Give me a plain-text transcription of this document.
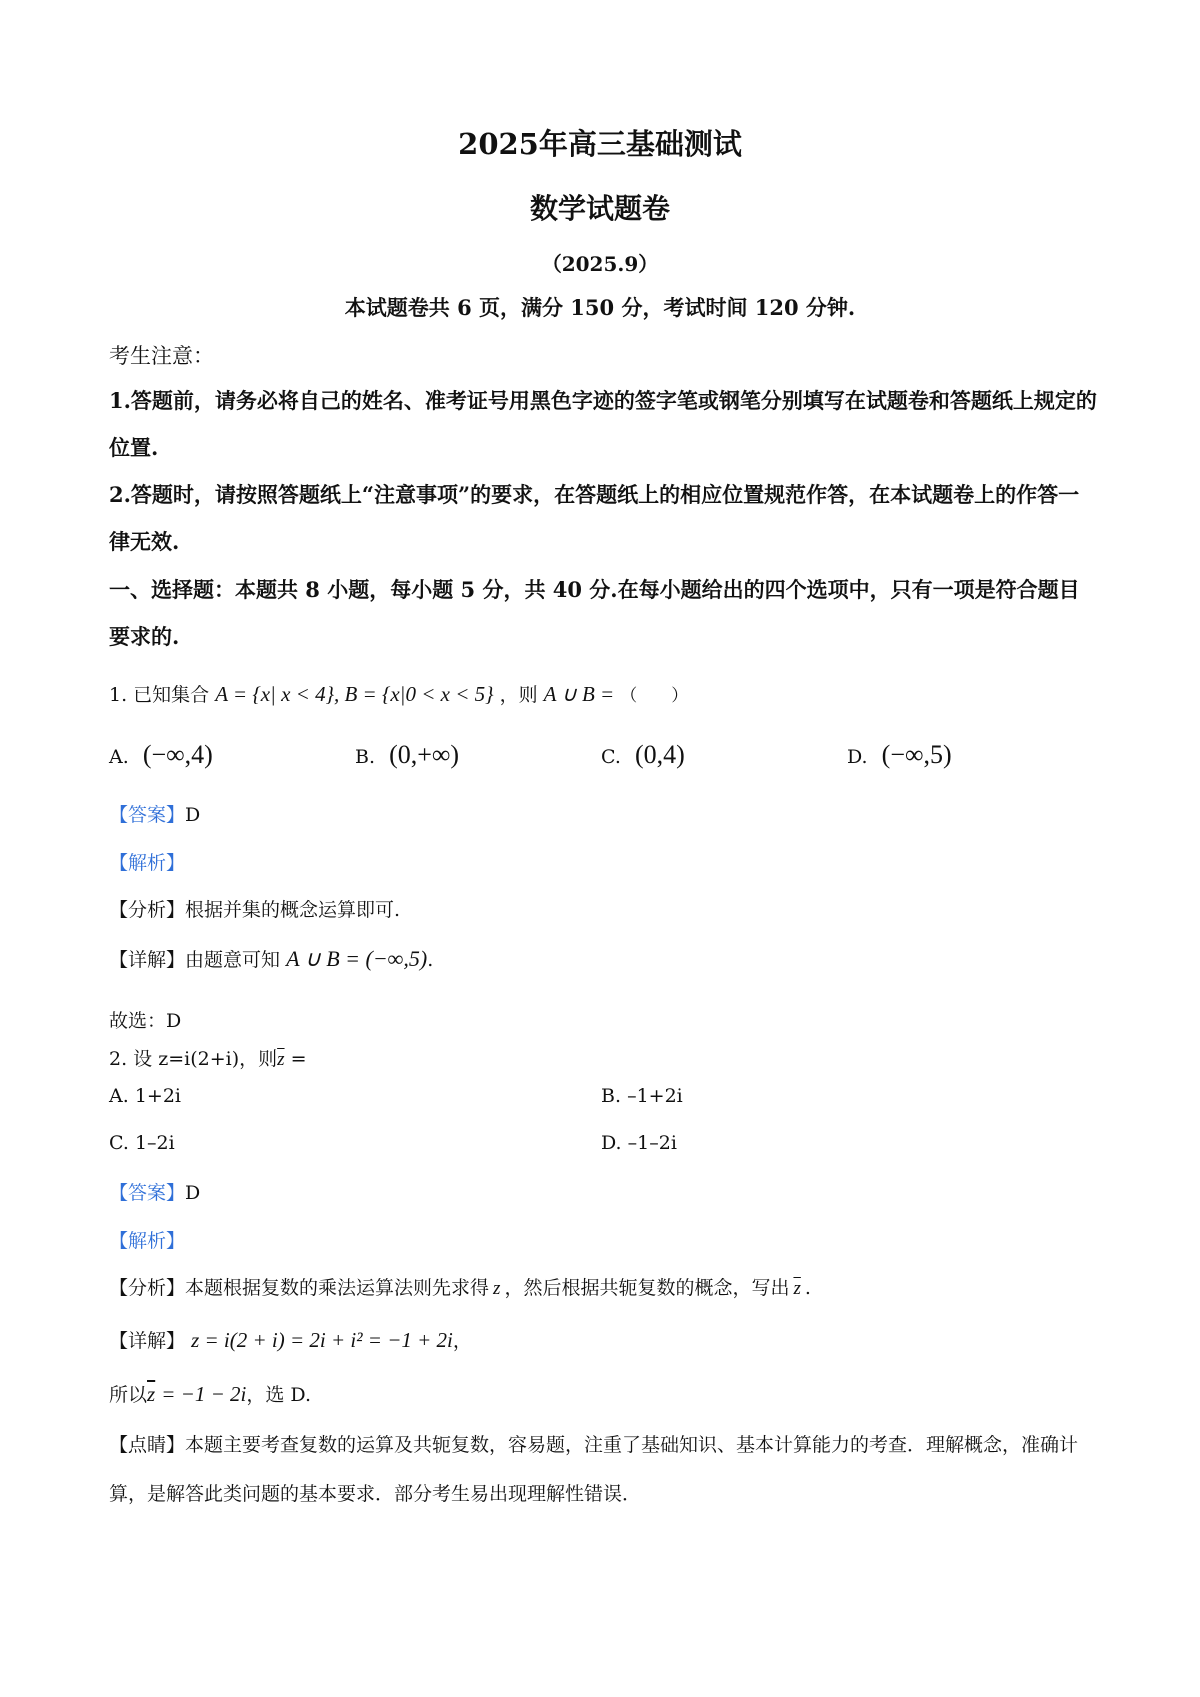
2025年高三基础测试
数学试题卷
（2025.9）
本试题卷共 6 页，满分 150 分，考试时间 120 分钟.
考生注意：
1.答题前，请务必将自己的姓名、准考证号用黑色字迹的签字笔或钢笔分别填写在试题卷和答题纸上规定的位置.
2.答题时，请按照答题纸上“注意事项”的要求，在答题纸上的相应位置规范作答，在本试题卷上的作答一律无效.
一、选择题：本题共 8 小题，每小题 5 分，共 40 分.在每小题给出的四个选项中，只有一项是符合题目要求的.
1. 已知集合 A = {x| x < 4}, B = {x|0 < x < 5} ，则 A ∪ B = （　　）
A. (−∞,4)	B. (0,+∞)	C. (0,4)	D. (−∞,5)
【答案】D
【解析】
【分析】根据并集的概念运算即可.
【详解】由题意可知 A ∪ B = (−∞,5).
故选：D
2. 设 z=i(2+i)，则$\overline{z}$ =
A. 1+2i	B. –1+2i
C. 1–2i	D. –1–2i
【答案】D
【解析】
【分析】本题根据复数的乘法运算法则先求得 z ，然后根据共轭复数的概念，写出 $\overline{z}$ .
【详解】 z = i(2 + i) = 2i + i² = −1 + 2i，
所以$\overline{z} = -1 - 2i$，选 D.
【点睛】本题主要考查复数的运算及共轭复数，容易题，注重了基础知识、基本计算能力的考查．理解概念，准确计算，是解答此类问题的基本要求．部分考生易出现理解性错误．
